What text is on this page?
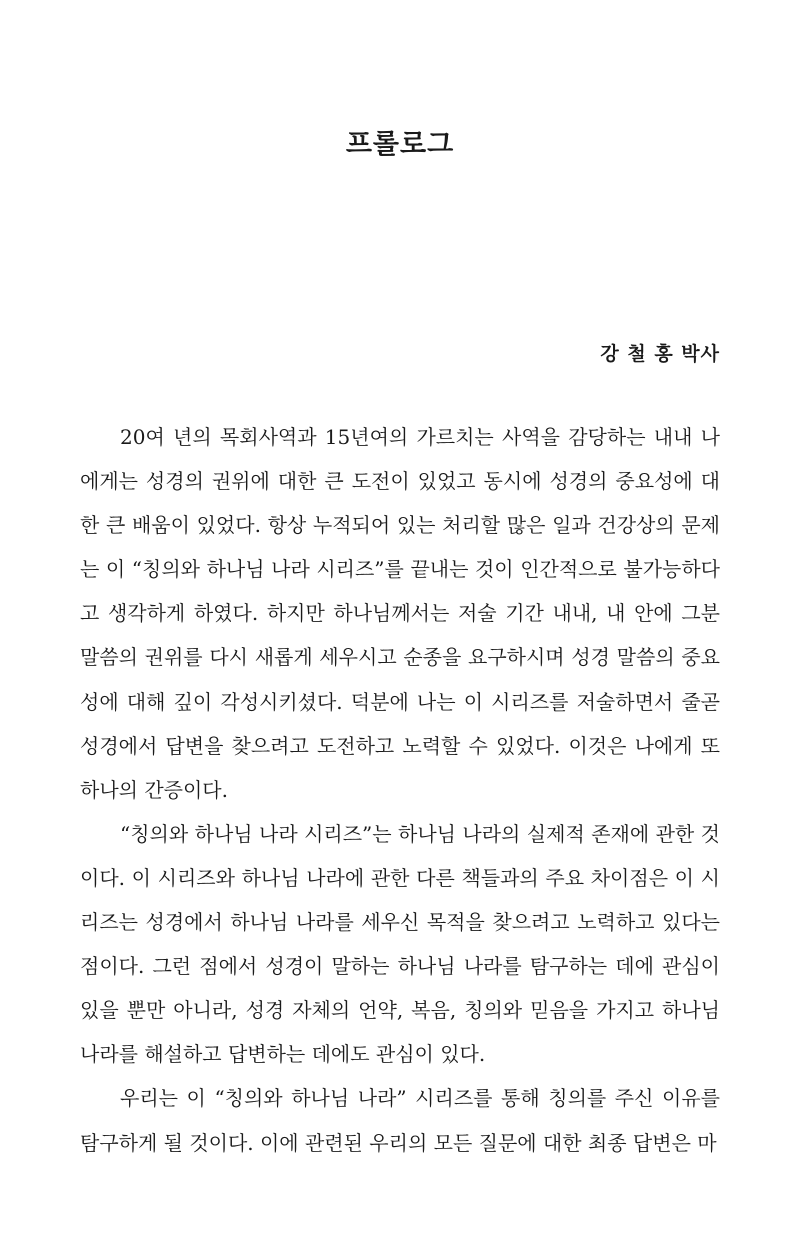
프롤로그
강 철 홍 박사

20여 년의 목회사역과 15년여의 가르치는 사역을 감당하는 내내 나에게는 성경의 권위에 대한 큰 도전이 있었고 동시에 성경의 중요성에 대한 큰 배움이 있었다. 항상 누적되어 있는 처리할 많은 일과 건강상의 문제는 이 “칭의와 하나님 나라 시리즈”를 끝내는 것이 인간적으로 불가능하다고 생각하게 하였다. 하지만 하나님께서는 저술 기간 내내, 내 안에 그분 말씀의 권위를 다시 새롭게 세우시고 순종을 요구하시며 성경 말씀의 중요성에 대해 깊이 각성시키셨다. 덕분에 나는 이 시리즈를 저술하면서 줄곧 성경에서 답변을 찾으려고 도전하고 노력할 수 있었다. 이것은 나에게 또 하나의 간증이다.

“칭의와 하나님 나라 시리즈”는 하나님 나라의 실제적 존재에 관한 것이다. 이 시리즈와 하나님 나라에 관한 다른 책들과의 주요 차이점은 이 시리즈는 성경에서 하나님 나라를 세우신 목적을 찾으려고 노력하고 있다는 점이다. 그런 점에서 성경이 말하는 하나님 나라를 탐구하는 데에 관심이 있을 뿐만 아니라, 성경 자체의 언약, 복음, 칭의와 믿음을 가지고 하나님 나라를 해설하고 답변하는 데에도 관심이 있다.

우리는 이 “칭의와 하나님 나라” 시리즈를 통해 칭의를 주신 이유를 탐구하게 될 것이다. 이에 관련된 우리의 모든 질문에 대한 최종 답변은 마
